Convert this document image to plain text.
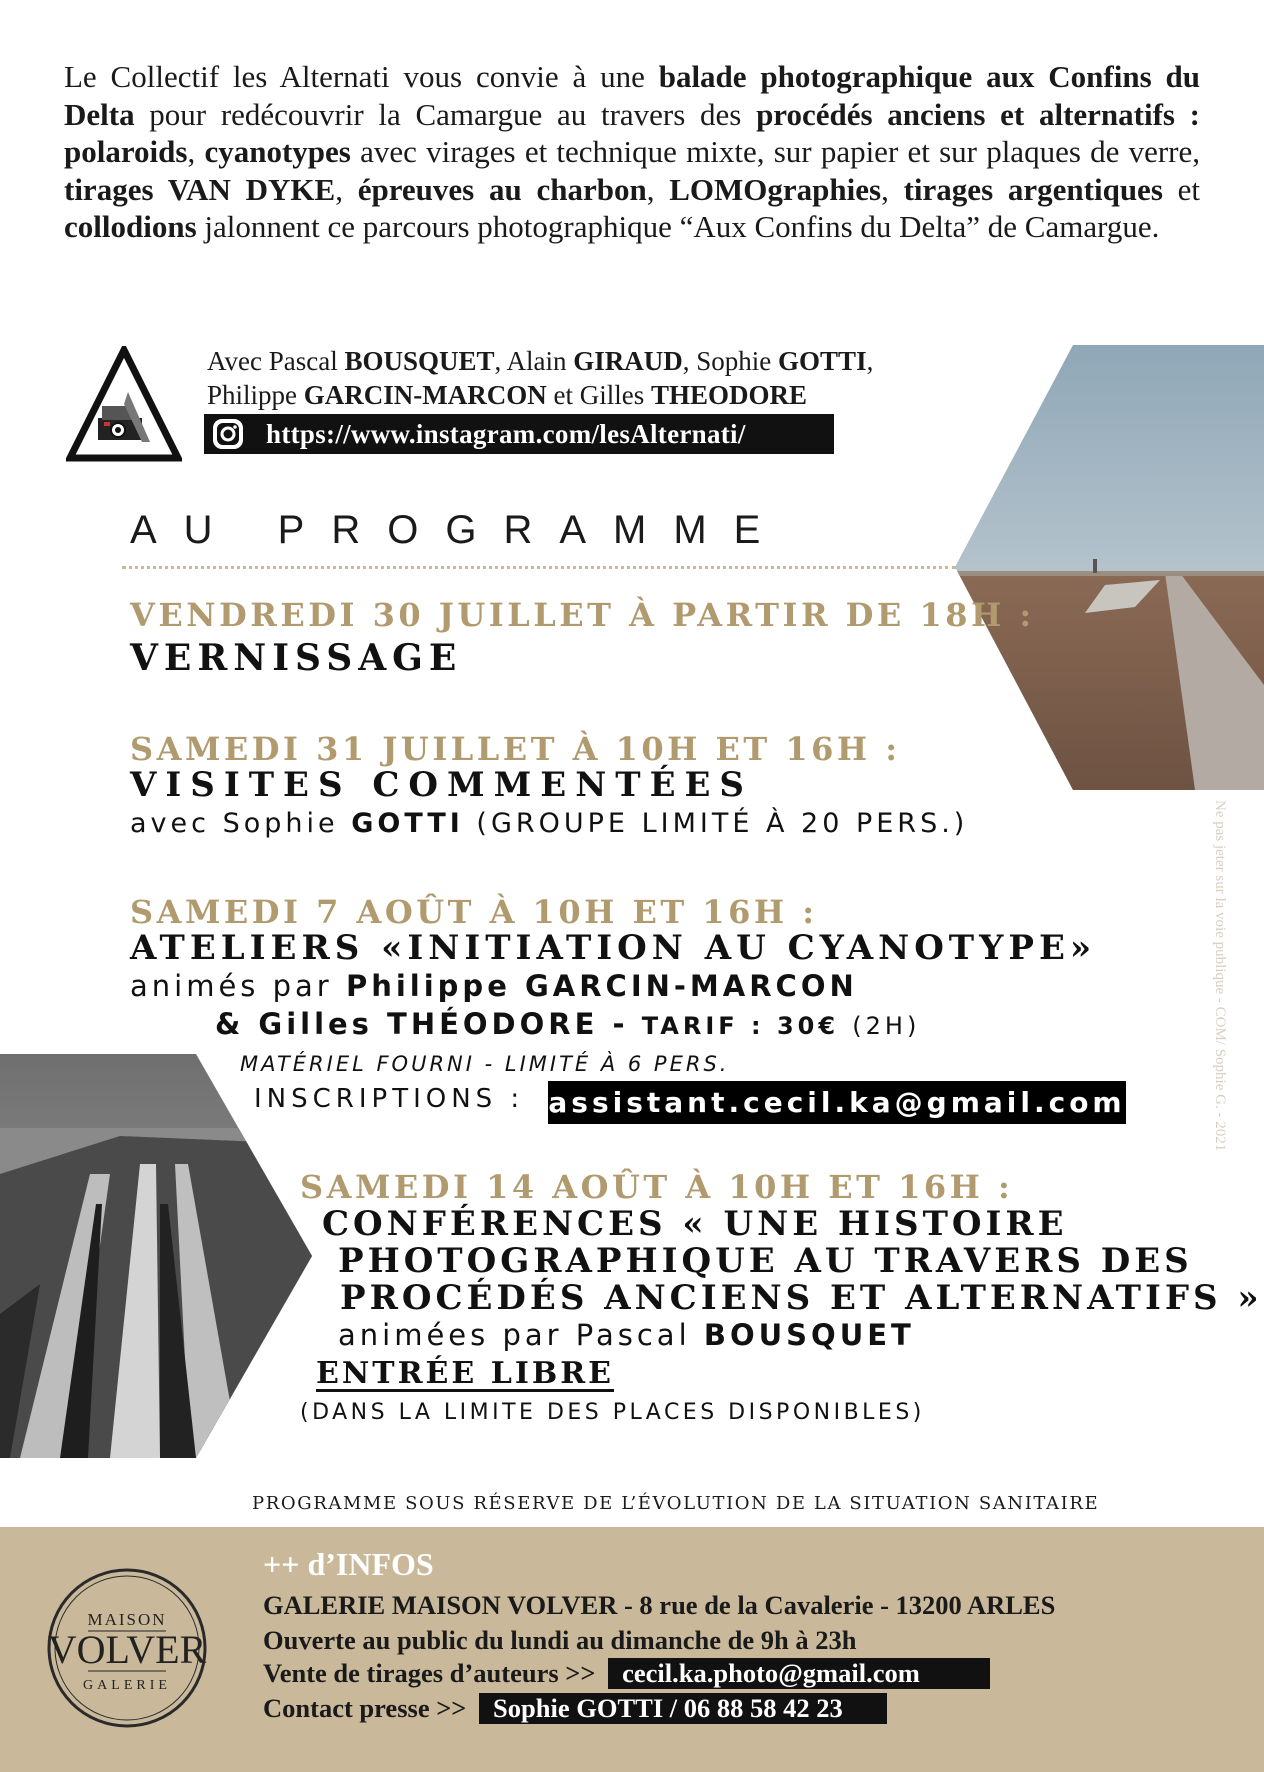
Le Collectif les Alternati vous convie à une balade photographique aux Confins du Delta pour redécouvrir la Camargue au travers des procédés anciens et alternatifs : polaroids, cyanotypes avec virages et technique mixte, sur papier et sur plaques de verre, tirages VAN DYKE, épreuves au charbon, LOMOgraphies, tirages argentiques et collodions jalonnent ce parcours photographique “Aux Confins du Delta” de Camargue.
Avec Pascal BOUSQUET, Alain GIRAUD, Sophie GOTTI,
Philippe GARCIN-MARCON et Gilles THEODORE
https://www.instagram.com/lesAlternati/
AU PROGRAMME
VENDREDI 30 JUILLET À PARTIR DE 18H :
VERNISSAGE
SAMEDI 31 JUILLET À 10H ET 16H :
VISITES COMMENTÉES
avec Sophie GOTTI (GROUPE LIMITÉ À 20 PERS.)
SAMEDI 7 AOÛT À 10H ET 16H :
ATELIERS «INITIATION AU CYANOTYPE»
animés par Philippe GARCIN-MARCON
& Gilles THÉODORE - TARIF : 30€ (2H)
MATÉRIEL FOURNI - LIMITÉ À 6 PERS.
INSCRIPTIONS : assistant.cecil.ka@gmail.com
SAMEDI 14 AOÛT À 10H ET 16H :
CONFÉRENCES « UNE HISTOIRE
PHOTOGRAPHIQUE AU TRAVERS DES
PROCÉDÉS ANCIENS ET ALTERNATIFS »
animées par Pascal BOUSQUET
ENTRÉE LIBRE
(DANS LA LIMITE DES PLACES DISPONIBLES)
PROGRAMME SOUS RÉSERVE DE L’ÉVOLUTION DE LA SITUATION SANITAIRE
Ne pas jeter sur la voie publique - COM/ Sophie G. - 2021
MAISON
VOLVER
GALERIE
++ d’INFOS
GALERIE MAISON VOLVER - 8 rue de la Cavalerie - 13200 ARLES
Ouverte au public du lundi au dimanche de 9h à 23h
Vente de tirages d’auteurs >> cecil.ka.photo@gmail.com
Contact presse >> Sophie GOTTI / 06 88 58 42 23
